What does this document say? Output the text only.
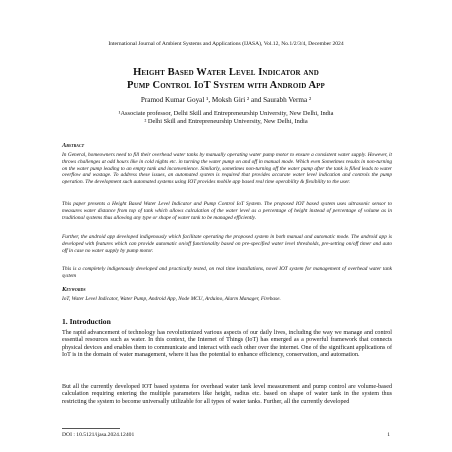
International Journal of Ambient Systems and Applications (IJASA), Vol.12, No.1/2/3/4, December 2024
Height Based Water Level Indicator and
Pump Control IoT System with Android App
Pramod Kumar Goyal ¹, Moksh Giri ² and Saurabh Verma ²
¹Associate professor, Delhi Skill and Entrepreneurship University, New Delhi, India
² Delhi Skill and Entrepreneurship University, New Delhi, India
Abstract

In General, homeowners need to fill their overhead water tanks by manually operating water pump motor to ensure a consistent water supply. However, it throws challenges at odd hours like in cold nights etc. in turning the water pump on and off in manual mode. Which even Sometimes results in non-turning on the water pump leading to an empty tank and inconvenience. Similarly, sometimes non-turning off the water pump after the tank is filled leads to water overflow and wastage. To address these issues, an automated system is required that provides accurate water level indication and controls the pump operation. The development such automated systems using IOT provides mobile app based real time operability & flexibility to the user.

This paper presents a Height Based Water Level Indicator and Pump Control IoT System. The proposed IOT based system uses ultrasonic sensor to measures water distance from top of tank which allows calculation of the water level as a percentage of height instead of percentage of volume as in traditional systems thus allowing any type or shape of water tank to be managed efficiently.

Further, the android app developed indigenously which facilitate operating the proposed system in both manual and automatic mode. The android app is developed with features which can provide automatic on/off functionality based on pre-specified water level thresholds, pre-setting on/off timer and auto off in case no water supply by pump motor.

This is a completely indigenously developed and practically tested, on real time installations, novel IOT system for management of overhead water tank system

Keywords

IoT, Water Level Indicator, Water Pump, Android App, Node MCU, Arduino, Alarm Manager, Firebase.

1. Introduction

The rapid advancement of technology has revolutionized various aspects of our daily lives, including the way we manage and control essential resources such as water. In this context, the Internet of Things (IoT) has emerged as a powerful framework that connects physical devices and enables them to communicate and interact with each other over the internet. One of the significant applications of IoT is in the domain of water management, where it has the potential to enhance efficiency, conservation, and automation.

But all the currently developed IOT based systems for overhead water tank level measurement and pump control are volume-based calculation requiring entering the multiple parameters like height, radius etc. based on shape of water tank in the system thus restricting the system to become universally utilizable for all types of water tanks. Further, all the currently developed

DOI : 10.5121/ijasa.2024.12401	1
